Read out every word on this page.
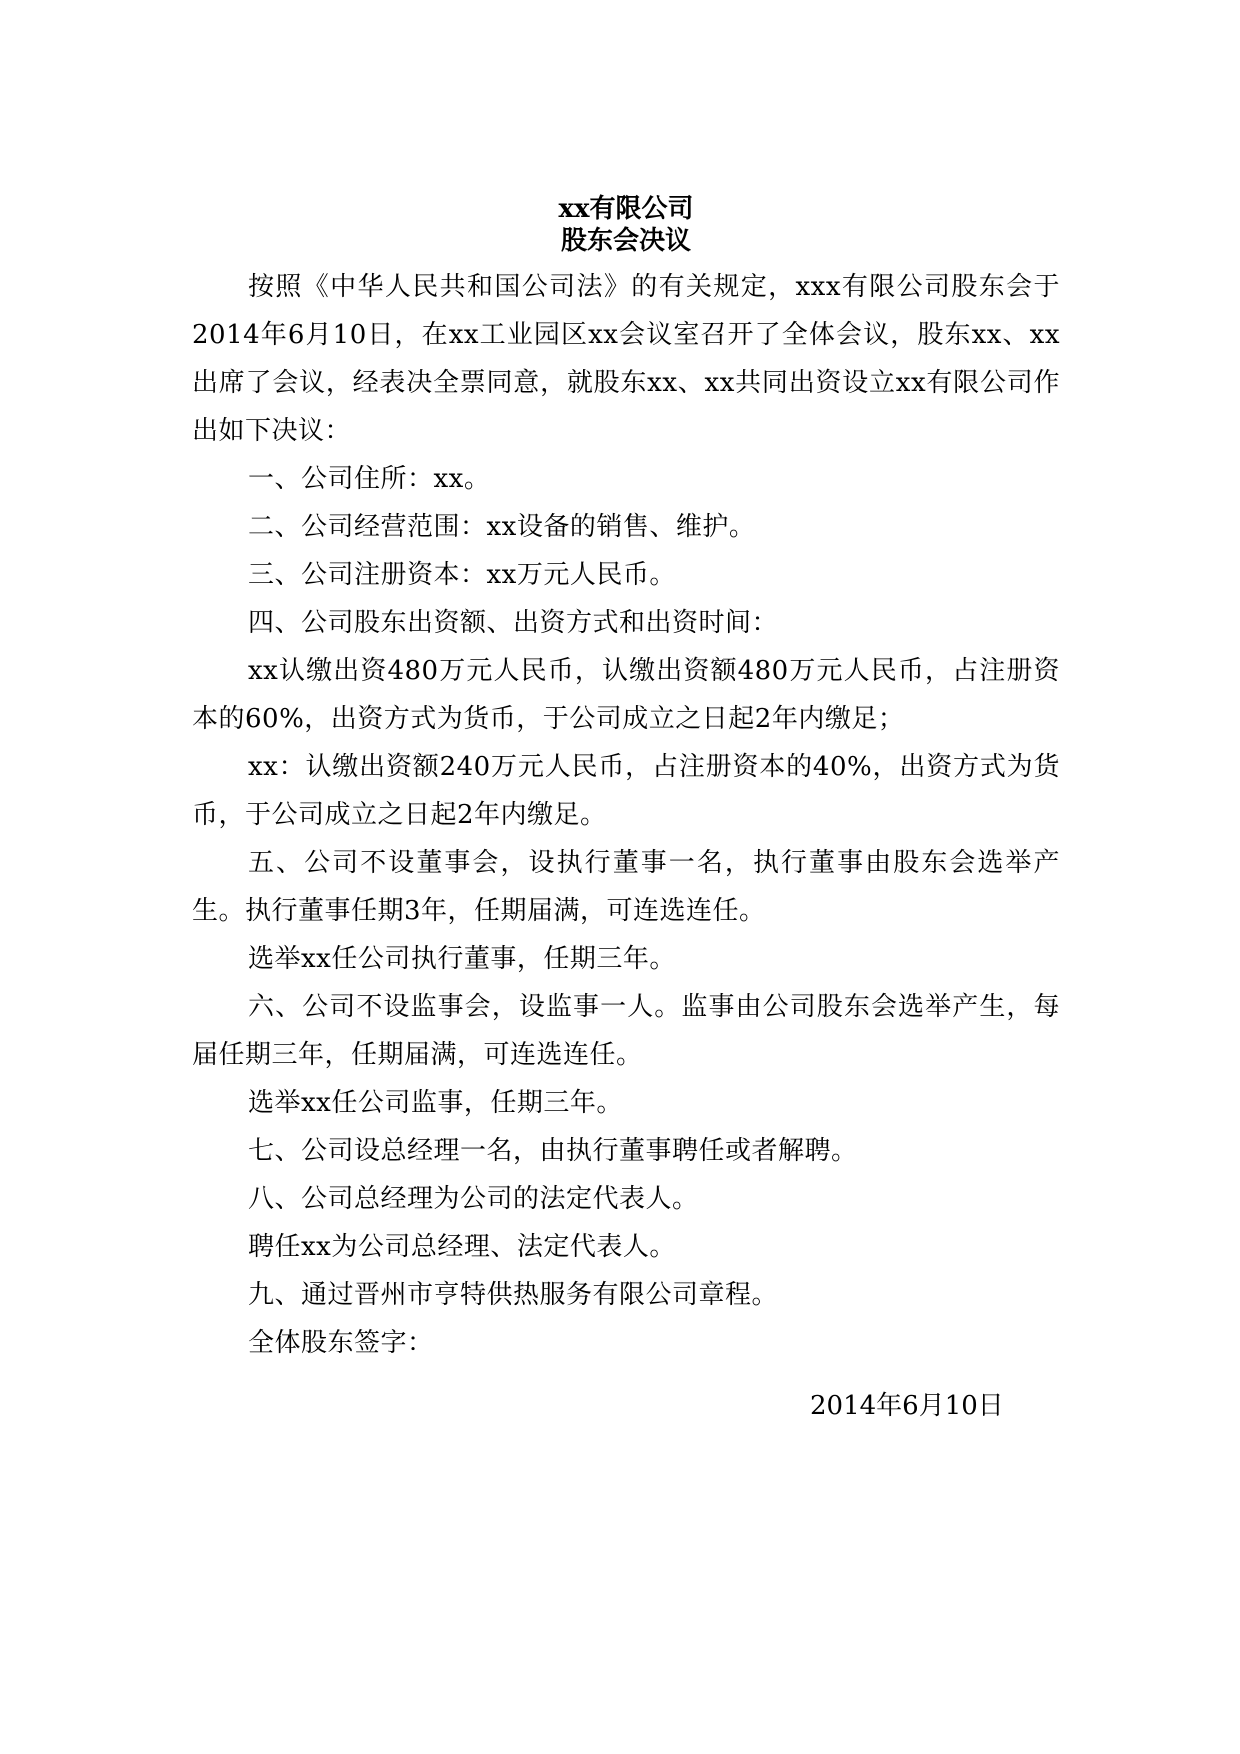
xx有限公司
股东会决议

按照《中华人民共和国公司法》的有关规定，xxx有限公司股东会于2014年6月10日，在xx工业园区xx会议室召开了全体会议，股东xx、xx出席了会议，经表决全票同意，就股东xx、xx共同出资设立xx有限公司作出如下决议：

一、公司住所：xx。

二、公司经营范围：xx设备的销售、维护。

三、公司注册资本：xx万元人民币。

四、公司股东出资额、出资方式和出资时间：

xx认缴出资480万元人民币，认缴出资额480万元人民币，占注册资本的60%，出资方式为货币，于公司成立之日起2年内缴足；

xx：认缴出资额240万元人民币，占注册资本的40%，出资方式为货币，于公司成立之日起2年内缴足。

五、公司不设董事会，设执行董事一名，执行董事由股东会选举产生。执行董事任期3年，任期届满，可连选连任。

选举xx任公司执行董事，任期三年。

六、公司不设监事会，设监事一人。监事由公司股东会选举产生，每届任期三年，任期届满，可连选连任。

选举xx任公司监事，任期三年。

七、公司设总经理一名，由执行董事聘任或者解聘。

八、公司总经理为公司的法定代表人。

聘任xx为公司总经理、法定代表人。

九、通过晋州市亨特供热服务有限公司章程。

全体股东签字：

2014年6月10日
